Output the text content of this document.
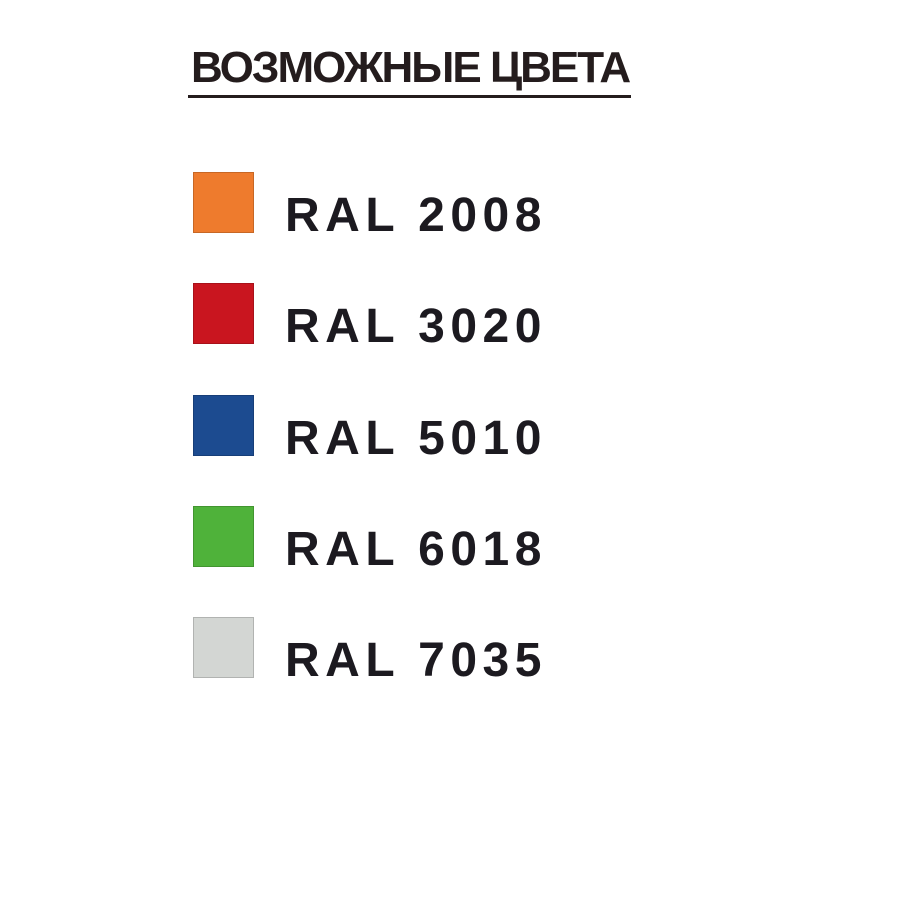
ВОЗМОЖНЫЕ ЦВЕТА
RAL 2008
RAL 3020
RAL 5010
RAL 6018
RAL 7035
